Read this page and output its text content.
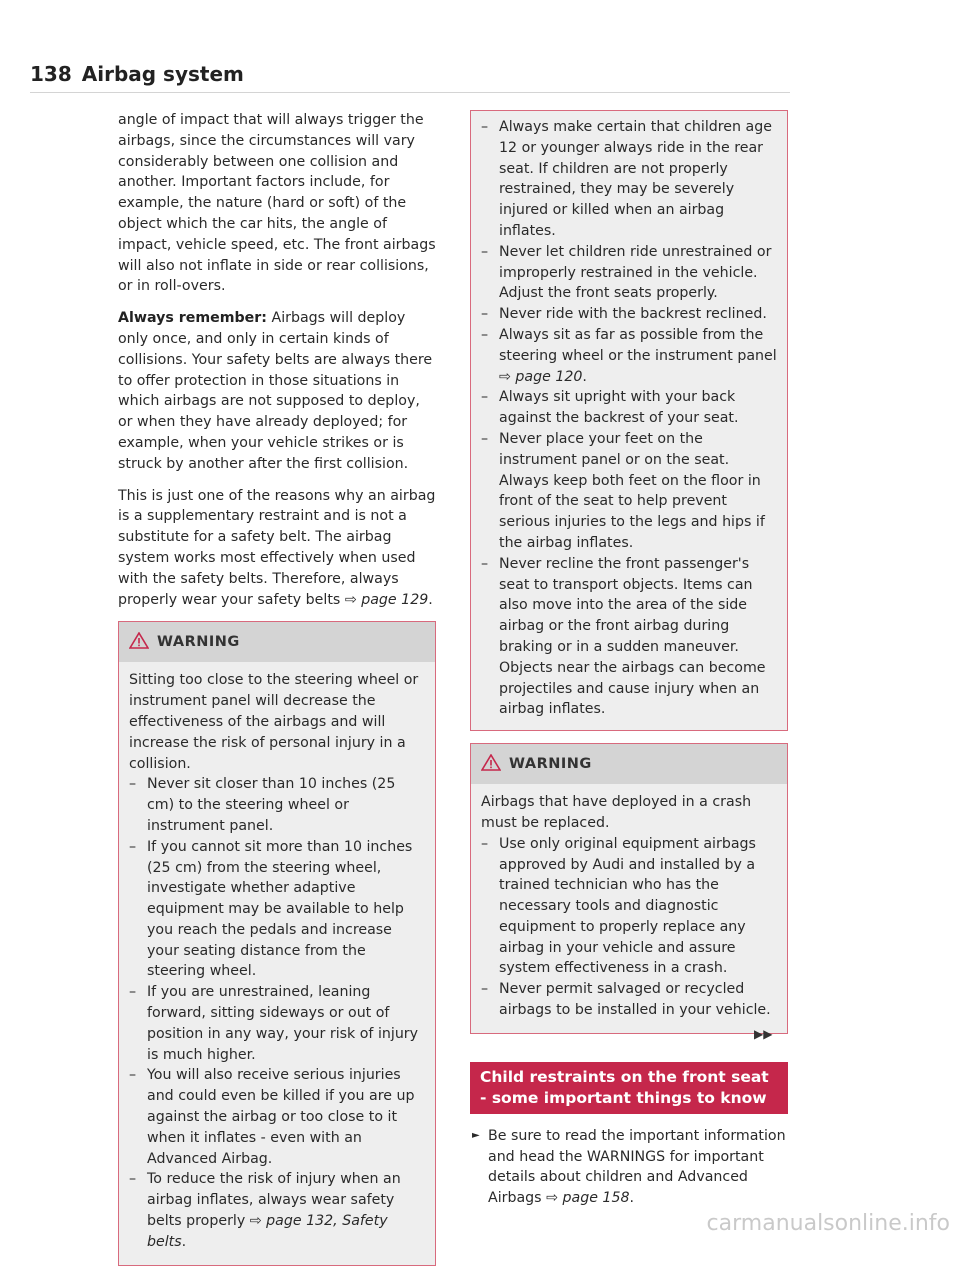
138 Airbag system

angle of impact that will always trigger the airbags, since the circumstances will vary considerably between one collision and another. Important factors include, for example, the nature (hard or soft) of the object which the car hits, the angle of impact, vehicle speed, etc. The front airbags will also not inflate in side or rear collisions, or in roll-overs.

Always remember: Airbags will deploy only once, and only in certain kinds of collisions. Your safety belts are always there to offer protection in those situations in which airbags are not supposed to deploy, or when they have already deployed; for example, when your vehicle strikes or is struck by another after the first collision.

This is just one of the reasons why an airbag is a supplementary restraint and is not a substitute for a safety belt. The airbag system works most effectively when used with the safety belts. Therefore, always properly wear your safety belts ⇨ page 129.

WARNING
Sitting too close to the steering wheel or instrument panel will decrease the effectiveness of the airbags and will increase the risk of personal injury in a collision.
– Never sit closer than 10 inches (25 cm) to the steering wheel or instrument panel.
– If you cannot sit more than 10 inches (25 cm) from the steering wheel, investigate whether adaptive equipment may be available to help you reach the pedals and increase your seating distance from the steering wheel.
– If you are unrestrained, leaning forward, sitting sideways or out of position in any way, your risk of injury is much higher.
– You will also receive serious injuries and could even be killed if you are up against the airbag or too close to it when it inflates - even with an Advanced Airbag.
– To reduce the risk of injury when an airbag inflates, always wear safety belts properly ⇨ page 132, Safety belts.
– Always make certain that children age 12 or younger always ride in the rear seat. If children are not properly restrained, they may be severely injured or killed when an airbag inflates.
– Never let children ride unrestrained or improperly restrained in the vehicle. Adjust the front seats properly.
– Never ride with the backrest reclined.
– Always sit as far as possible from the steering wheel or the instrument panel ⇨ page 120.
– Always sit upright with your back against the backrest of your seat.
– Never place your feet on the instrument panel or on the seat. Always keep both feet on the floor in front of the seat to help prevent serious injuries to the legs and hips if the airbag inflates.
– Never recline the front passenger's seat to transport objects. Items can also move into the area of the side airbag or the front airbag during braking or in a sudden maneuver. Objects near the airbags can become projectiles and cause injury when an airbag inflates.
WARNING
Airbags that have deployed in a crash must be replaced.
– Use only original equipment airbags approved by Audi and installed by a trained technician who has the necessary tools and diagnostic equipment to properly replace any airbag in your vehicle and assure system effectiveness in a crash.
– Never permit salvaged or recycled airbags to be installed in your vehicle.
Child restraints on the front seat - some important things to know
► Be sure to read the important information and head the WARNINGS for important details about children and Advanced Airbags ⇨ page 158.
▶▶
carmanualsonline.info
